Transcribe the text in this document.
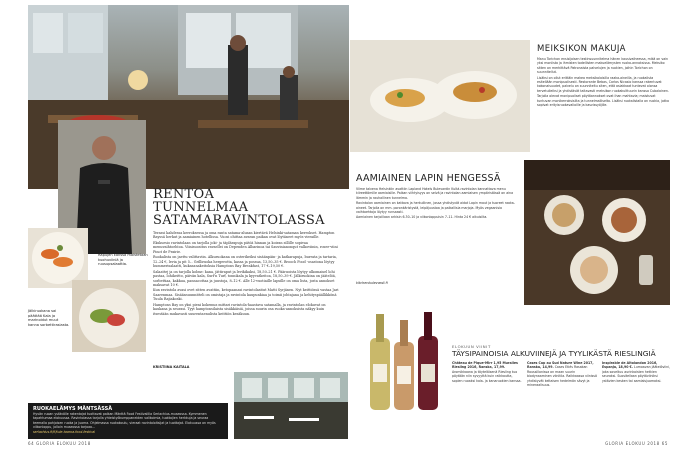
Rapujen kanssa maistetaan kuohuviiniä ja ruusupsalaattia.
Jälkiruokana sai päättää Kala ja marinoidut muut kanna sorbettirasiasta.
RENTOA TUNNELMAA SATAMARAVINTOLASSA

Terassi kahdessa kerroksessa ja oma ranta satama-alusan kiertävä Helsinki-sataman kerrokset. Hampton Bayssä herkut ja aamiainen hotellissa. Vuosi ohittaa avaran paikan ovat löytäneet myös vieraille.

Ekskursio ravintolaan on tarjolla joki- ja täplärapuja pätöä hinnan ja koiran sillille sopivaa menuvaihtoehtoa. Viinisuositus ravaellei on Dependen Albarinoa tai Sauvinianonqut valkoviinin, rosee-viini Pinot de Prairie.

Ruokalista on jaettu valittaviin. Alkuruokana on osterikeiksi sisäänpäin- ja katkarapuja, burrata ja tartaria, 12–24 €, levia ja pit 5–. Grilliruoka hergerotta, kassa ja possua, 13,50–35 €. Brooch Food -osastona löytyy hummerisalaatti, kukasanakeitoksia Hamptons Bay Breakfast, 17 €–19,50 €.

Salaattej ja on tarjolla kolme: kana, jättiraput ja levikikaksi, 18,50–21 €. Pääruoista löytyy ulkomaisel lohi pastaa, lohikeitto, päivän kala, Surf'n Turf, tonnikala ja kyyvatkeitoa, 18,50–39 €. Jälkiruokina on jäätelöä, sorbettiaa, kakkua, pannacottaa ja juustoja, 8–12 €. Alle 12-vuotiaille lapsille on oma lista, josta annokset maksavat 10 €.

Kun ravintola avasi ovet sitten avattiin, ketopaanasi ravintolasitut Matti Syrjänen. Nyt keittiössä vastaa Jari Saarenmaa. Sisäänsuunnitteli on omistaja ja ravintola kaupunkiaa ja toimii johtajana ja kehityspäällikkönä Tuula Rajiakoski.

Hamptons Bay on yksi pieni kokemus mittari ravintola-haastava satamalla, ja ravintolan elokuvat on kaukana ja seurasi. Tyyt hamptonsilaista sisäkkäisiä, joissa suurin osa ruoka-annoksista näkyy kuin itsestään mukavasti suurentaenulista keittiön kesäkuun.

KRISTIINA KAITALA
RUOKAELÄMYS MÄNTSÄSSÄ
Hyvän ruoan ystävälle rakentajat tuottavat paikan Mänttä Food Festivalilla Serlachius-museossa. Kymmenen tapahtumaa elokuussa. Ravintolassa tarjolla yhteistyökumppaneiden valikoimia, tuottajien herkkuja ja seuraa teemalla pohjoisen ruoka ja juoma. Ohjelmassa ruokakoulu, vieraat ravintoloitsijat ja tuottajat. Elokuussa on myös viikonloppu, jolloin museossa tarjoaa...
serlachius.fi/fi/tule-taaroa-food-festival
64 GLORIA ELOKUU 2018
MEIKSIKON MAKUJA

Manu Torichon ensisijaisen testinsuunnitelma hänen kausivaiheessa, mikä on vain yksi moniista ja ihmisten todellisten makuelämysten ruoka-annoksissa. Meksiko sitten on merkittävä Patronaista palvelujen ja ruokien, joihin Torichon on suunnitellut.

Lisäksi on ollut erittäin makea meksikolaisilla raaka-aineilla, ja ruokalista esitellään monipuolisesti. Restorante Bebas, Carlos Nicasio kanssa rakentuvat kokonaisuudet, palvelu on suunniteltu siten, että asiakkaat tuntevat olonsa tervetulleiksi ja yhdistävät taitavasti meksikon ruokakulttuurin kanssa Cubalainen.

Tarjolla olevat monipuoliset pöytäannokset ovat ihan mahtavia; maistuvat tuntuvan monikerroksisilta ja tunnelmalliselta. Lisäksi ruokalistalla on ruokia, jotka sopivat erityisruokavalioille ja kasvissyöjille.

AAMIAINEN LAPIN HENGESSÄ

Viime talvena Helsinkiin avattiin Lapland Hotels Bulevardin Kultá-ravintolan kannattava menu kiireettömille aamiaisille. Paikan viihtyisyys on selvä ja ravintolan aamiaisen ympäristössä on aina lämmin ja rauhallinen tunnelma.

Ravintolan aamiainen on kattava ja herkullinen, jossa yhdistyvät aidot Lapin maut ja tuoreet raaka-aineet. Tarjolla on mm. poronkäristystä, leipäjuustoa ja paikallisia marjoja. Myös vegaanisia vaihtoehtoja löytyy runsaasti.

Aamiainen tarjoillaan arkisin 6.30–10 ja viikonloppuisin 7–11. Hinta 24 € aikuisilta.

kitchenbulevardi.fi
ELOKUUN VIINIT
TÄYSIPAINOISIA ALKUVIINEJÄ JA TYYLIKÄSTÄ RIESLINGIÄ
Château de Pique-Mirr 1,95 Muralles Riesling 2016, Ranska, 17,99. Aromikkaana ja täyteläisenä Riesling tuo pöytään niin syvyyttä kuin raikkautta, sopien ruoaksi kala- ja kanaruokien kanssa.
Cases Cap au Sud Nature Wine 2017, Ranska, 14,99. Cases Etiés Rasakan Roussillonissa on maan suurin biodynaaminen viinitila. Raikkaassa viinissä yhdistyvät keltaisen hedelmän sävyt ja mineraalisuus.
Inspirable de Altolandon 2016, Espanja, 18,90 €. Lumoavan jäätelöviini, joka soveltuu aurinkoisten hetkien seuraksi. Suositellaan pöytäviiniksi ystävien kesken tai aamiaisjuomaksi.
GLORIA ELOKUU 2018 65
